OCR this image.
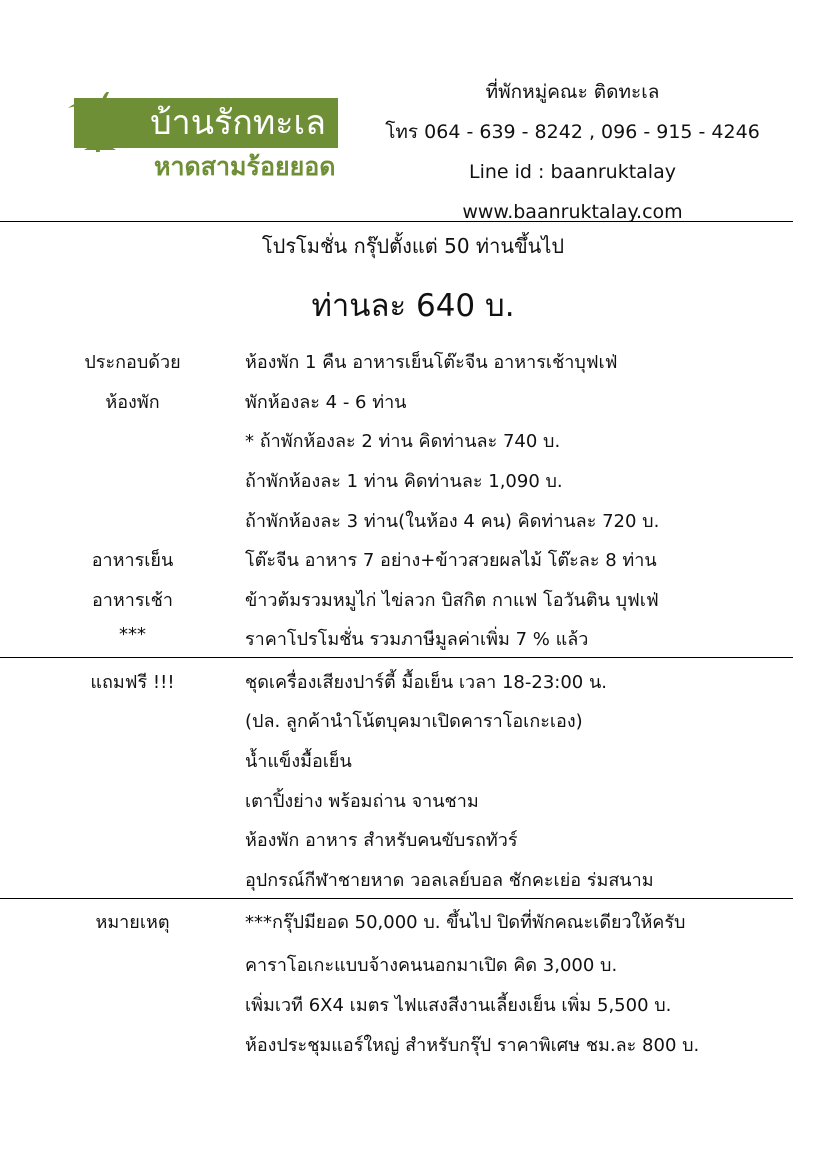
บ้านรักทะเล
หาดสามร้อยยอด
ที่พักหมู่คณะ ติดทะเล
โทร 064 - 639 - 8242 , 096 - 915 - 4246
Line id : baanruktalay
www.baanruktalay.com
โปรโมชั่น กรุ๊ปตั้งแต่ 50 ท่านขึ้นไป
ท่านละ 640 บ.
ประกอบด้วย	ห้องพัก 1 คืน อาหารเย็นโต๊ะจีน อาหารเช้าบุฟเฟ่
ห้องพัก	พักห้องละ 4 - 6 ท่าน
* ถ้าพักห้องละ 2 ท่าน คิดท่านละ 740 บ.
ถ้าพักห้องละ 1 ท่าน คิดท่านละ 1,090 บ.
ถ้าพักห้องละ 3 ท่าน(ในห้อง 4 คน) คิดท่านละ 720 บ.
อาหารเย็น	โต๊ะจีน อาหาร 7 อย่าง+ข้าวสวยผลไม้ โต๊ะละ 8 ท่าน
อาหารเช้า	ข้าวต้มรวมหมูไก่ ไข่ลวก บิสกิต กาแฟ โอวันติน บุฟเฟ่
***	ราคาโปรโมชั่น รวมภาษีมูลค่าเพิ่ม 7 % แล้ว
แถมฟรี !!!	ชุดเครื่องเสียงปาร์ตี้ มื้อเย็น เวลา 18-23:00 น.
(ปล. ลูกค้านำโน้ตบุคมาเปิดคาราโอเกะเอง)
น้ำแข็งมื้อเย็น
เตาปิ้งย่าง พร้อมถ่าน จานชาม
ห้องพัก อาหาร สำหรับคนขับรถทัวร์
อุปกรณ์กีฬาชายหาด วอลเลย์บอล ชักคะเย่อ ร่มสนาม
หมายเหตุ	***กรุ๊ปมียอด 50,000 บ. ขึ้นไป ปิดที่พักคณะเดียวให้ครับ
คาราโอเกะแบบจ้างคนนอกมาเปิด คิด 3,000 บ.
เพิ่มเวที 6X4 เมตร ไฟแสงสีงานเลี้ยงเย็น เพิ่ม 5,500 บ.
ห้องประชุมแอร์ใหญ่ สำหรับกรุ๊ป ราคาพิเศษ ชม.ละ 800 บ.
